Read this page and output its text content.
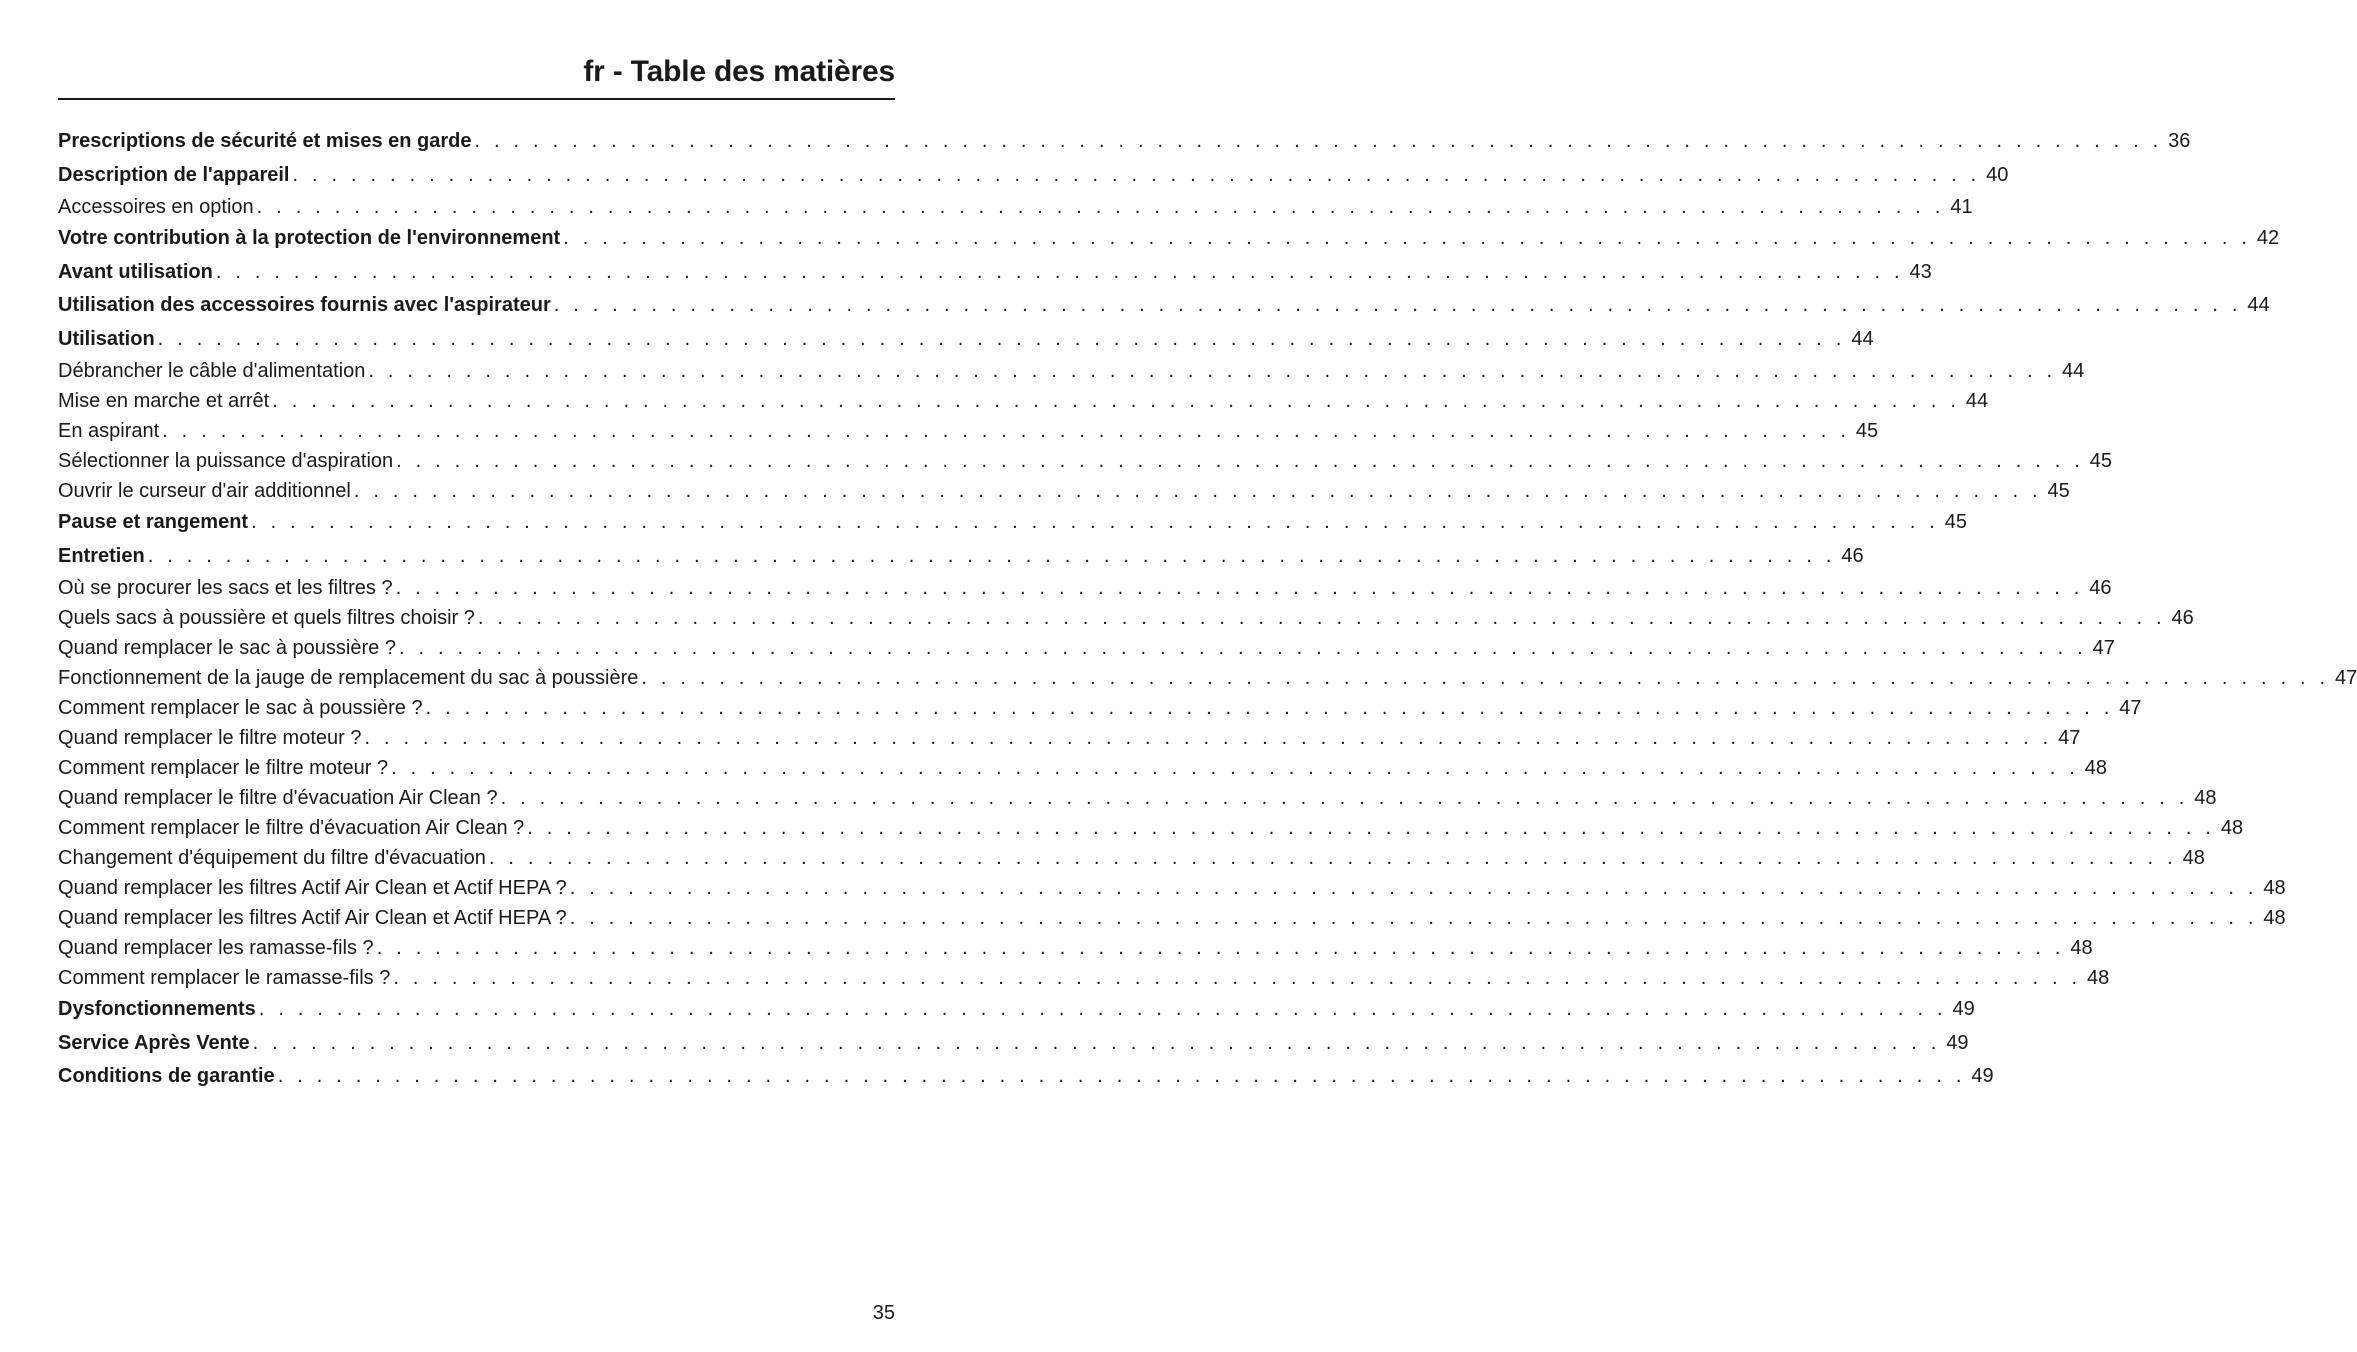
fr - Table des matières
Prescriptions de sécurité et mises en garde . . . . . . . . . . . . . . . . . . . . . . . . . . . . . . . . . . . . . . . . . . . . . . . . . . . . . . . . . . . . . . . . . . . . . . . . . . . . . . . . . . . . . . . 36
Description de l'appareil . . . . . . . . . . . . . . . . . . . . . . . . . . . . . . . . . . . . . . . . . . . . . . . . . . . . . . . . . . . . . . . . . . . . . . . . . . . . . . . . . . . . . . . 40
Accessoires en option . . . . . . . . . . . . . . . . . . . . . . . . . . . . . . . . . . . . . . . . . . . . . . . . . . . . . . . . . . . . . . . . . . . . . . . . . . . . . . . . . . . . . . . 41
Votre contribution à la protection de l'environnement . . . . . . . . . . . . . . . . . . . . . . . . . . . . . . . . . . . . . . . . . . . . . . . . . . . . . . . . . . . . . . . . . . . . . . . . . . . . . . . . . . . . . . . 42
Avant utilisation . . . . . . . . . . . . . . . . . . . . . . . . . . . . . . . . . . . . . . . . . . . . . . . . . . . . . . . . . . . . . . . . . . . . . . . . . . . . . . . . . . . . . . . 43
Utilisation des accessoires fournis avec l'aspirateur . . . . . . . . . . . . . . . . . . . . . . . . . . . . . . . . . . . . . . . . . . . . . . . . . . . . . . . . . . . . . . . . . . . . . . . . . . . . . . . . . . . . . . . 44
Utilisation . . . . . . . . . . . . . . . . . . . . . . . . . . . . . . . . . . . . . . . . . . . . . . . . . . . . . . . . . . . . . . . . . . . . . . . . . . . . . . . . . . . . . . . 44
Débrancher le câble d'alimentation . . . . . . . . . . . . . . . . . . . . . . . . . . . . . . . . . . . . . . . . . . . . . . . . . . . . . . . . . . . . . . . . . . . . . . . . . . . . . . . . . . . . . . . 44
Mise en marche et arrêt . . . . . . . . . . . . . . . . . . . . . . . . . . . . . . . . . . . . . . . . . . . . . . . . . . . . . . . . . . . . . . . . . . . . . . . . . . . . . . . . . . . . . . . 44
En aspirant . . . . . . . . . . . . . . . . . . . . . . . . . . . . . . . . . . . . . . . . . . . . . . . . . . . . . . . . . . . . . . . . . . . . . . . . . . . . . . . . . . . . . . . 45
Sélectionner la puissance d'aspiration . . . . . . . . . . . . . . . . . . . . . . . . . . . . . . . . . . . . . . . . . . . . . . . . . . . . . . . . . . . . . . . . . . . . . . . . . . . . . . . . . . . . . . . 45
Ouvrir le curseur d'air additionnel . . . . . . . . . . . . . . . . . . . . . . . . . . . . . . . . . . . . . . . . . . . . . . . . . . . . . . . . . . . . . . . . . . . . . . . . . . . . . . . . . . . . . . . 45
Pause et rangement . . . . . . . . . . . . . . . . . . . . . . . . . . . . . . . . . . . . . . . . . . . . . . . . . . . . . . . . . . . . . . . . . . . . . . . . . . . . . . . . . . . . . . . 45
Entretien . . . . . . . . . . . . . . . . . . . . . . . . . . . . . . . . . . . . . . . . . . . . . . . . . . . . . . . . . . . . . . . . . . . . . . . . . . . . . . . . . . . . . . . 46
Où se procurer les sacs et les filtres ? . . . . . . . . . . . . . . . . . . . . . . . . . . . . . . . . . . . . . . . . . . . . . . . . . . . . . . . . . . . . . . . . . . . . . . . . . . . . . . . . . . . . . . . 46
Quels sacs à poussière et quels filtres choisir ? . . . . . . . . . . . . . . . . . . . . . . . . . . . . . . . . . . . . . . . . . . . . . . . . . . . . . . . . . . . . . . . . . . . . . . . . . . . . . . . . . . . . . . . 46
Quand remplacer le sac à poussière ? . . . . . . . . . . . . . . . . . . . . . . . . . . . . . . . . . . . . . . . . . . . . . . . . . . . . . . . . . . . . . . . . . . . . . . . . . . . . . . . . . . . . . . . 47
Fonctionnement de la jauge de remplacement du sac à poussière . . . . . . . . . . . . . . . . . . . . . . . . . . . . . . . . . . . . . . . . . . . . . . . . . . . . . . . . . . . . . . . . . . . . . . . . . . . . . . . . . . . . . . . 47
Comment remplacer le sac à poussière ? . . . . . . . . . . . . . . . . . . . . . . . . . . . . . . . . . . . . . . . . . . . . . . . . . . . . . . . . . . . . . . . . . . . . . . . . . . . . . . . . . . . . . . . 47
Quand remplacer le filtre moteur ? . . . . . . . . . . . . . . . . . . . . . . . . . . . . . . . . . . . . . . . . . . . . . . . . . . . . . . . . . . . . . . . . . . . . . . . . . . . . . . . . . . . . . . . 47
Comment remplacer le filtre moteur ? . . . . . . . . . . . . . . . . . . . . . . . . . . . . . . . . . . . . . . . . . . . . . . . . . . . . . . . . . . . . . . . . . . . . . . . . . . . . . . . . . . . . . . . 48
Quand remplacer le filtre d'évacuation Air Clean ? . . . . . . . . . . . . . . . . . . . . . . . . . . . . . . . . . . . . . . . . . . . . . . . . . . . . . . . . . . . . . . . . . . . . . . . . . . . . . . . . . . . . . . . 48
Comment remplacer le filtre d'évacuation Air Clean ? . . . . . . . . . . . . . . . . . . . . . . . . . . . . . . . . . . . . . . . . . . . . . . . . . . . . . . . . . . . . . . . . . . . . . . . . . . . . . . . . . . . . . . . 48
Changement d'équipement du filtre d'évacuation . . . . . . . . . . . . . . . . . . . . . . . . . . . . . . . . . . . . . . . . . . . . . . . . . . . . . . . . . . . . . . . . . . . . . . . . . . . . . . . . . . . . . . . 48
Quand remplacer les filtres Actif Air Clean et Actif HEPA ? . . . . . . . . . . . . . . . . . . . . . . . . . . . . . . . . . . . . . . . . . . . . . . . . . . . . . . . . . . . . . . . . . . . . . . . . . . . . . . . . . . . . . . . 48
Quand remplacer les filtres Actif Air Clean et Actif HEPA ? . . . . . . . . . . . . . . . . . . . . . . . . . . . . . . . . . . . . . . . . . . . . . . . . . . . . . . . . . . . . . . . . . . . . . . . . . . . . . . . . . . . . . . . 48
Quand remplacer les ramasse-fils ? . . . . . . . . . . . . . . . . . . . . . . . . . . . . . . . . . . . . . . . . . . . . . . . . . . . . . . . . . . . . . . . . . . . . . . . . . . . . . . . . . . . . . . . 48
Comment remplacer le ramasse-fils ? . . . . . . . . . . . . . . . . . . . . . . . . . . . . . . . . . . . . . . . . . . . . . . . . . . . . . . . . . . . . . . . . . . . . . . . . . . . . . . . . . . . . . . . 48
Dysfonctionnements . . . . . . . . . . . . . . . . . . . . . . . . . . . . . . . . . . . . . . . . . . . . . . . . . . . . . . . . . . . . . . . . . . . . . . . . . . . . . . . . . . . . . . . 49
Service Après Vente . . . . . . . . . . . . . . . . . . . . . . . . . . . . . . . . . . . . . . . . . . . . . . . . . . . . . . . . . . . . . . . . . . . . . . . . . . . . . . . . . . . . . . . 49
Conditions de garantie . . . . . . . . . . . . . . . . . . . . . . . . . . . . . . . . . . . . . . . . . . . . . . . . . . . . . . . . . . . . . . . . . . . . . . . . . . . . . . . . . . . . . . . 49

35
